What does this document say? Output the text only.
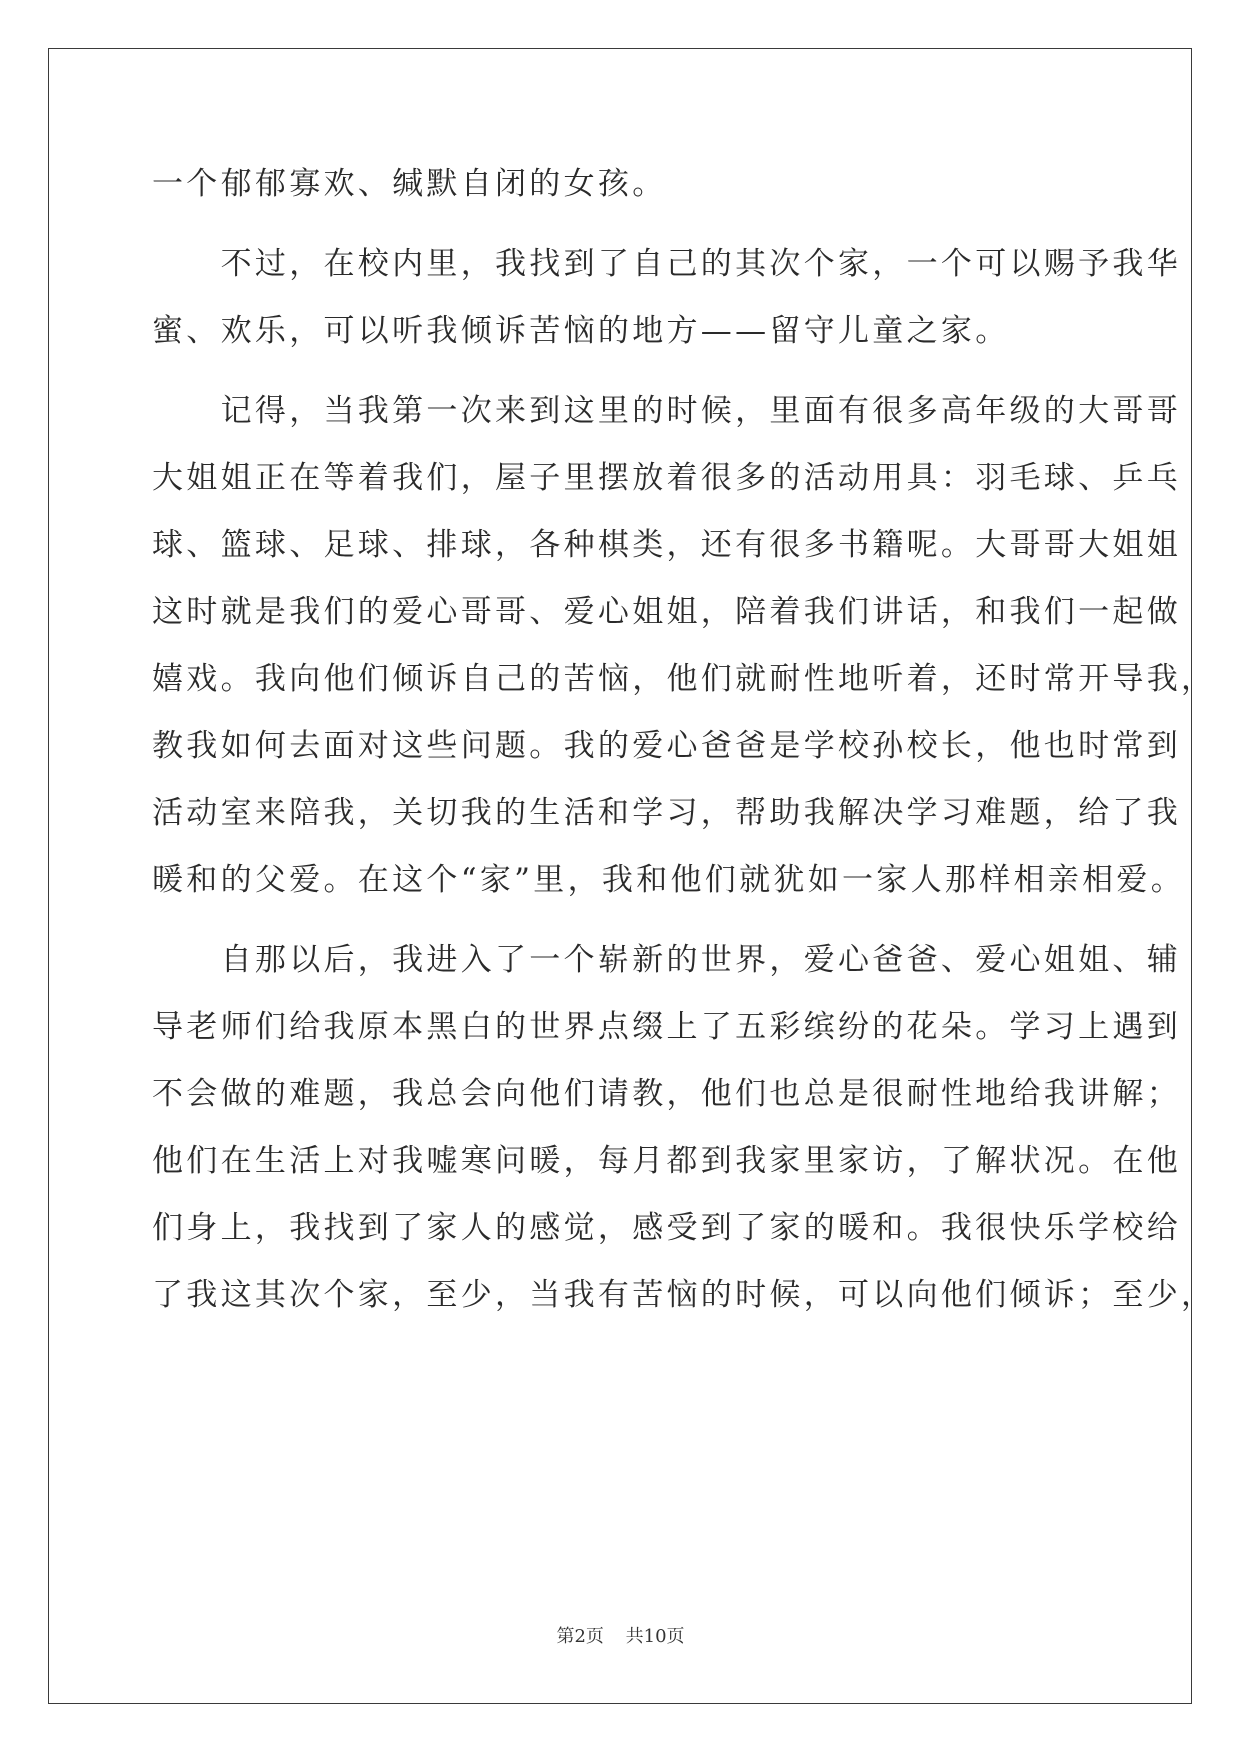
一个郁郁寡欢、缄默自闭的女孩。
　　不过，在校内里，我找到了自己的其次个家，一个可以赐予我华
蜜、欢乐，可以听我倾诉苦恼的地方——留守儿童之家。
　　记得，当我第一次来到这里的时候，里面有很多高年级的大哥哥
大姐姐正在等着我们，屋子里摆放着很多的活动用具：羽毛球、乒乓
球、篮球、足球、排球，各种棋类，还有很多书籍呢。大哥哥大姐姐
这时就是我们的爱心哥哥、爱心姐姐，陪着我们讲话，和我们一起做
嬉戏。我向他们倾诉自己的苦恼，他们就耐性地听着，还时常开导我，
教我如何去面对这些问题。我的爱心爸爸是学校孙校长，他也时常到
活动室来陪我，关切我的生活和学习，帮助我解决学习难题，给了我
暖和的父爱。在这个“家”里，我和他们就犹如一家人那样相亲相爱。
　　自那以后，我进入了一个崭新的世界，爱心爸爸、爱心姐姐、辅
导老师们给我原本黑白的世界点缀上了五彩缤纷的花朵。学习上遇到
不会做的难题，我总会向他们请教，他们也总是很耐性地给我讲解；
他们在生活上对我嘘寒问暖，每月都到我家里家访，了解状况。在他
们身上，我找到了家人的感觉，感受到了家的暖和。我很快乐学校给
了我这其次个家，至少，当我有苦恼的时候，可以向他们倾诉；至少，
第2页 共10页
